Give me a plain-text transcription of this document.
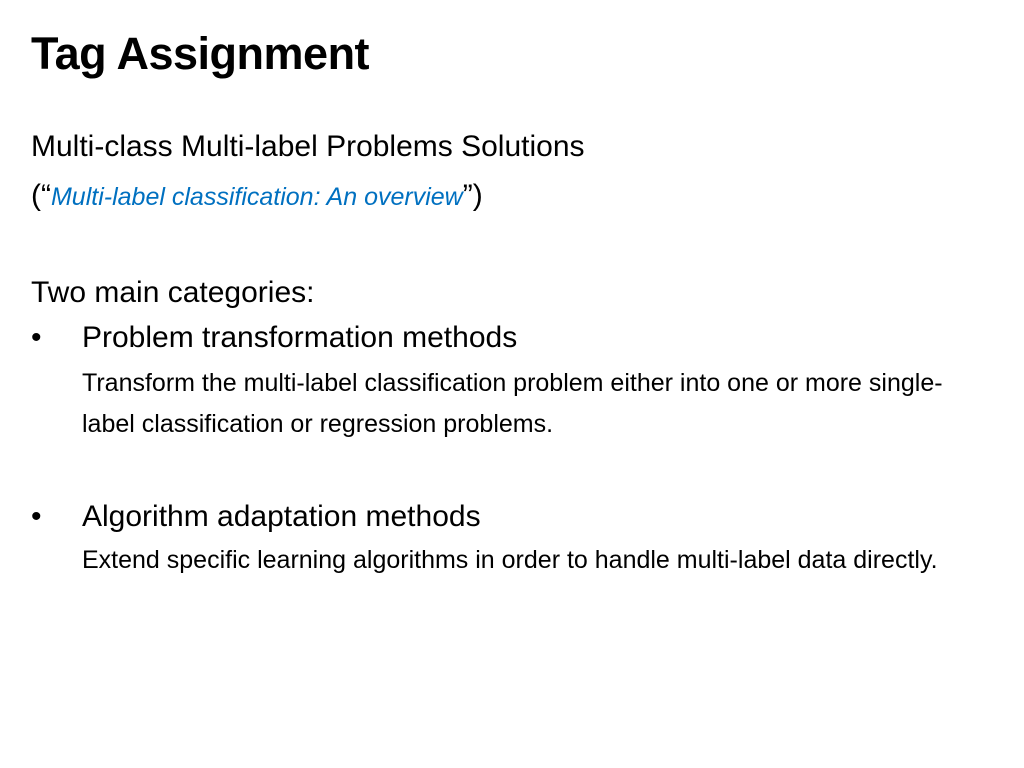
Tag Assignment
Multi-class Multi-label Problems Solutions
(“Multi-label classification: An overview”)
Two main categories:
• Problem transformation methods
Transform the multi-label classification problem either into one or more single-label classification or regression problems.
• Algorithm adaptation methods
Extend specific learning algorithms in order to handle multi-label data directly.
